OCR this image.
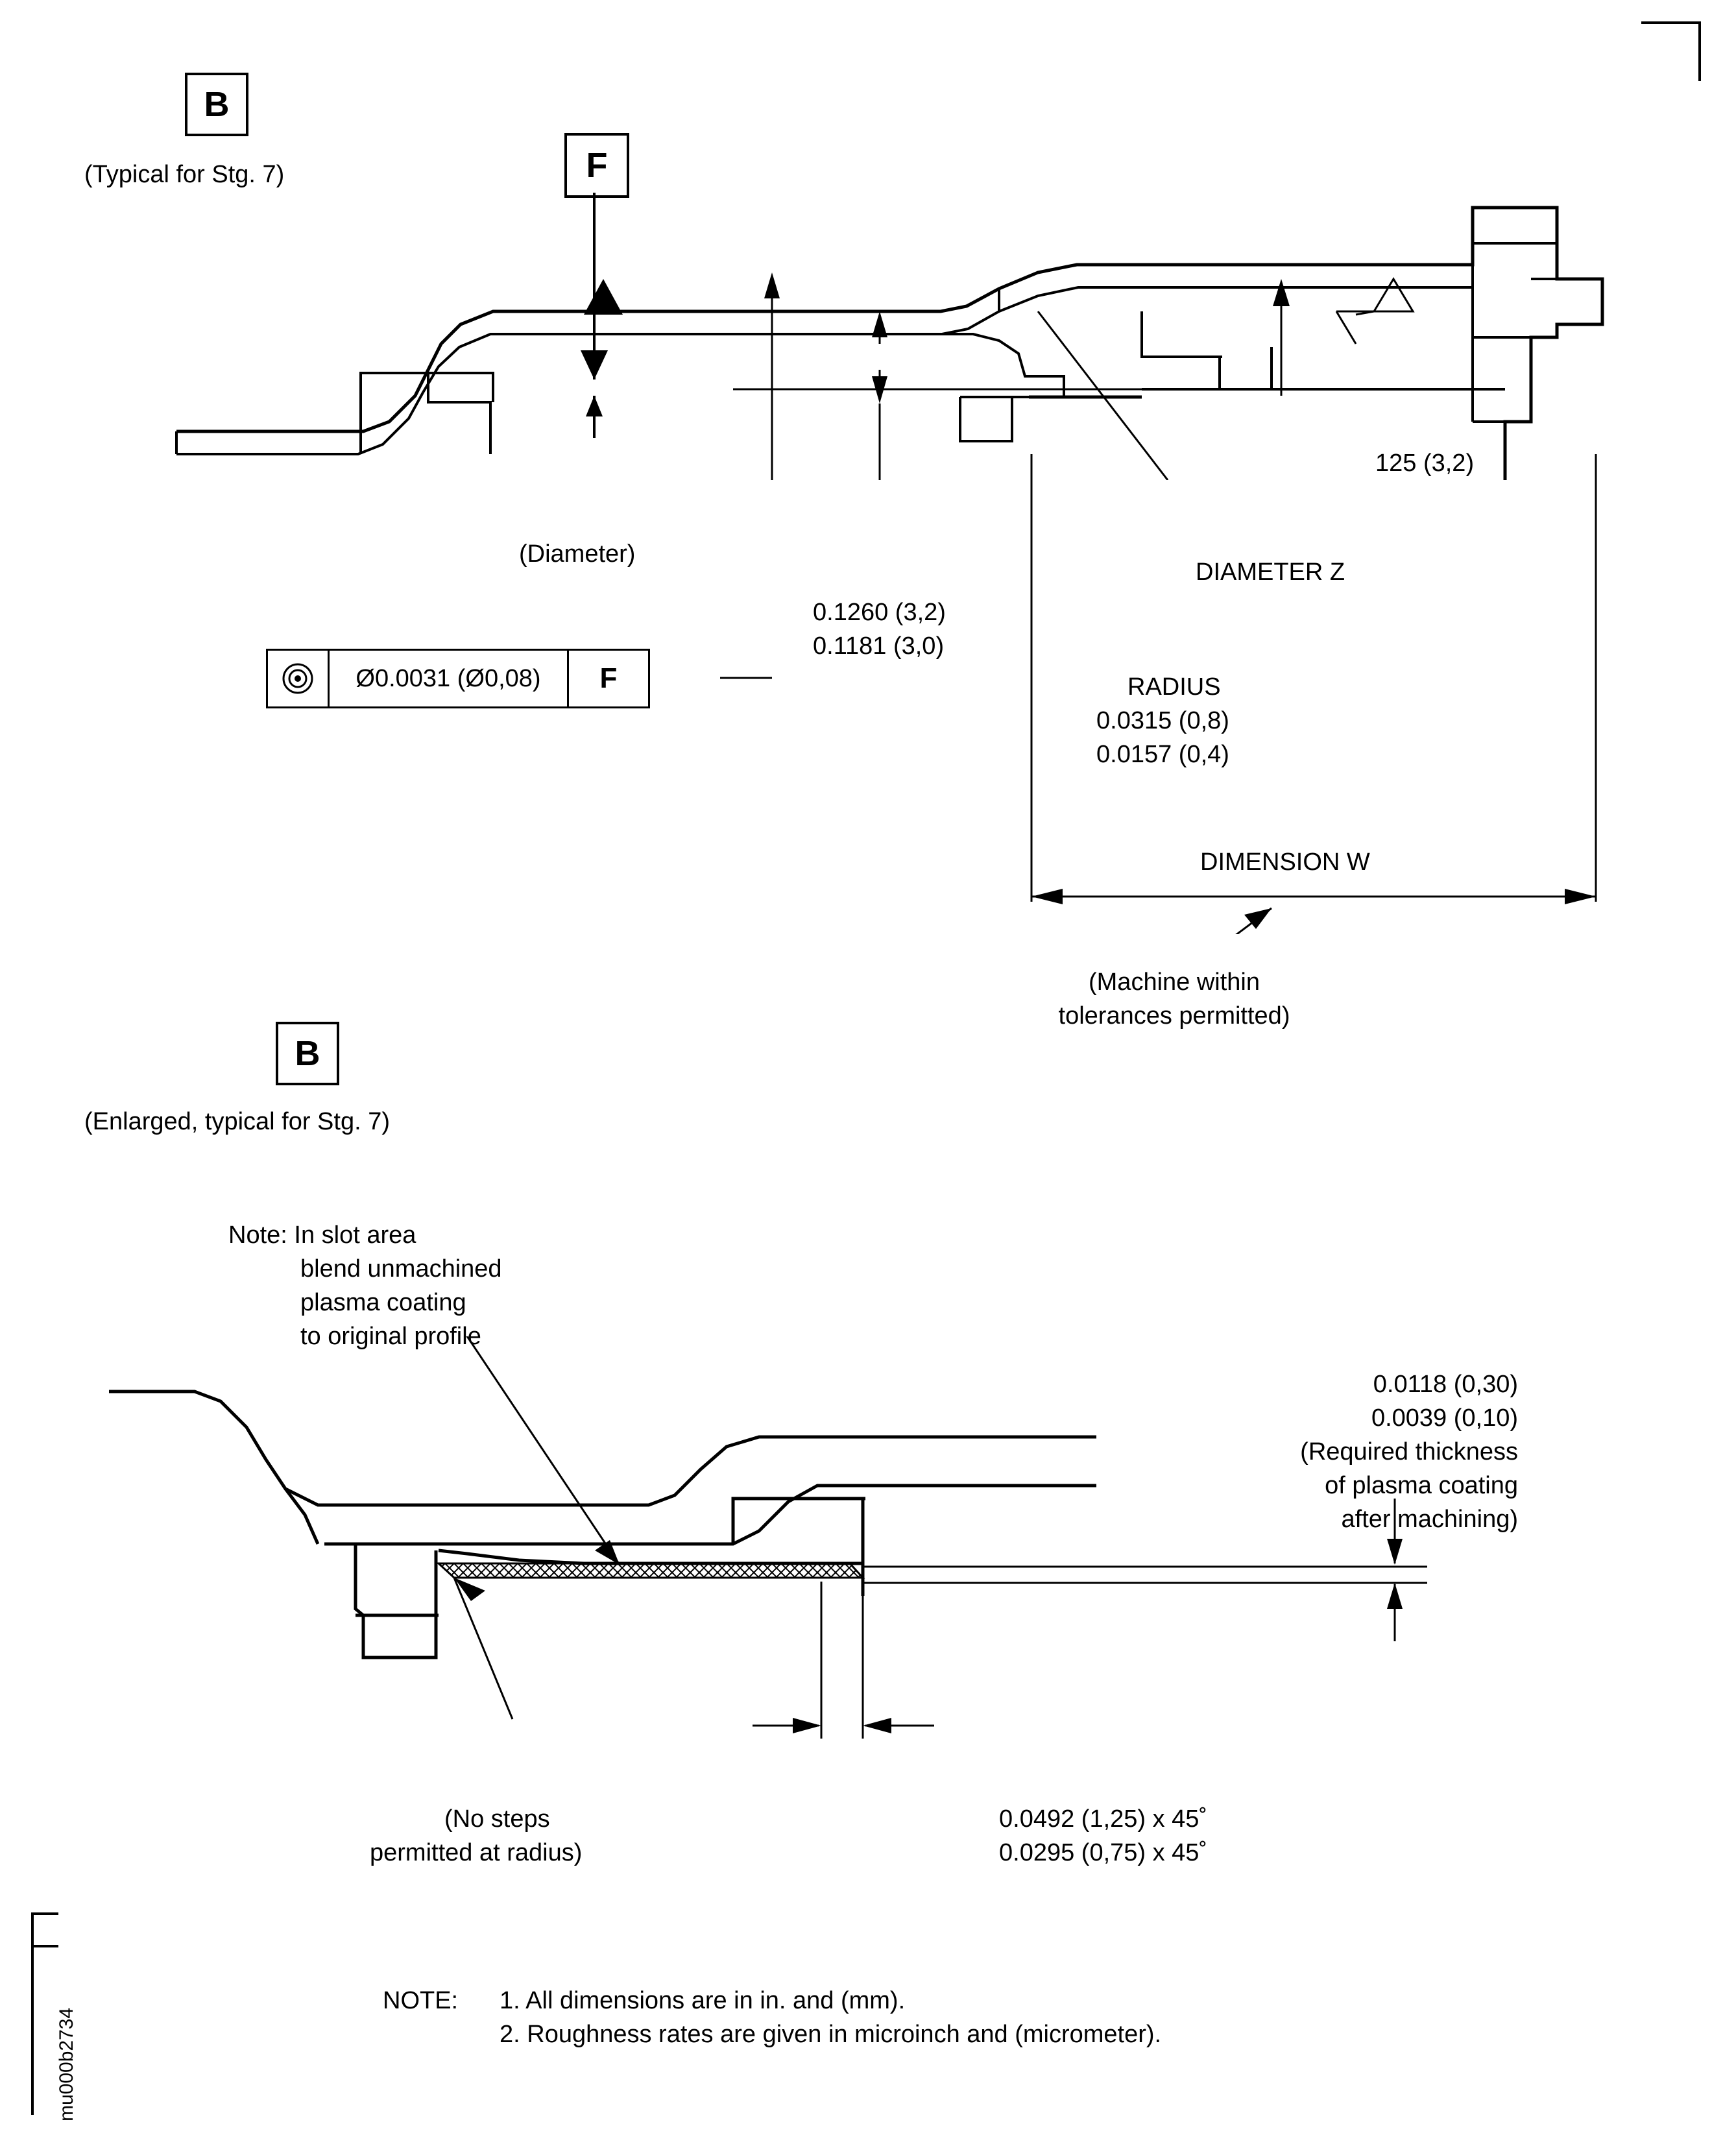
B
(Typical for Stg. 7)	F
(Diameter)
125 (3,2)
DIAMETER Z
0.1260 (3,2)
0.1181 (3,0)
RADIUS
0.0315 (0,8)
0.0157 (0,4)
Ø0.0031 (Ø0,08)	F
DIMENSION W
(Machine within
tolerances permitted)
B
(Enlarged, typical for Stg. 7)
Note: In slot area
blend unmachined
plasma coating
to original profile
0.0118 (0,30)
0.0039 (0,10)
(Required thickness
of plasma coating
after machining)
(No steps
permitted at radius)
0.0492 (1,25) x 45˚
0.0295 (0,75) x 45˚
NOTE: 1. All dimensions are in in. and (mm).
2. Roughness rates are given in microinch and (micrometer).
mu000b2734
